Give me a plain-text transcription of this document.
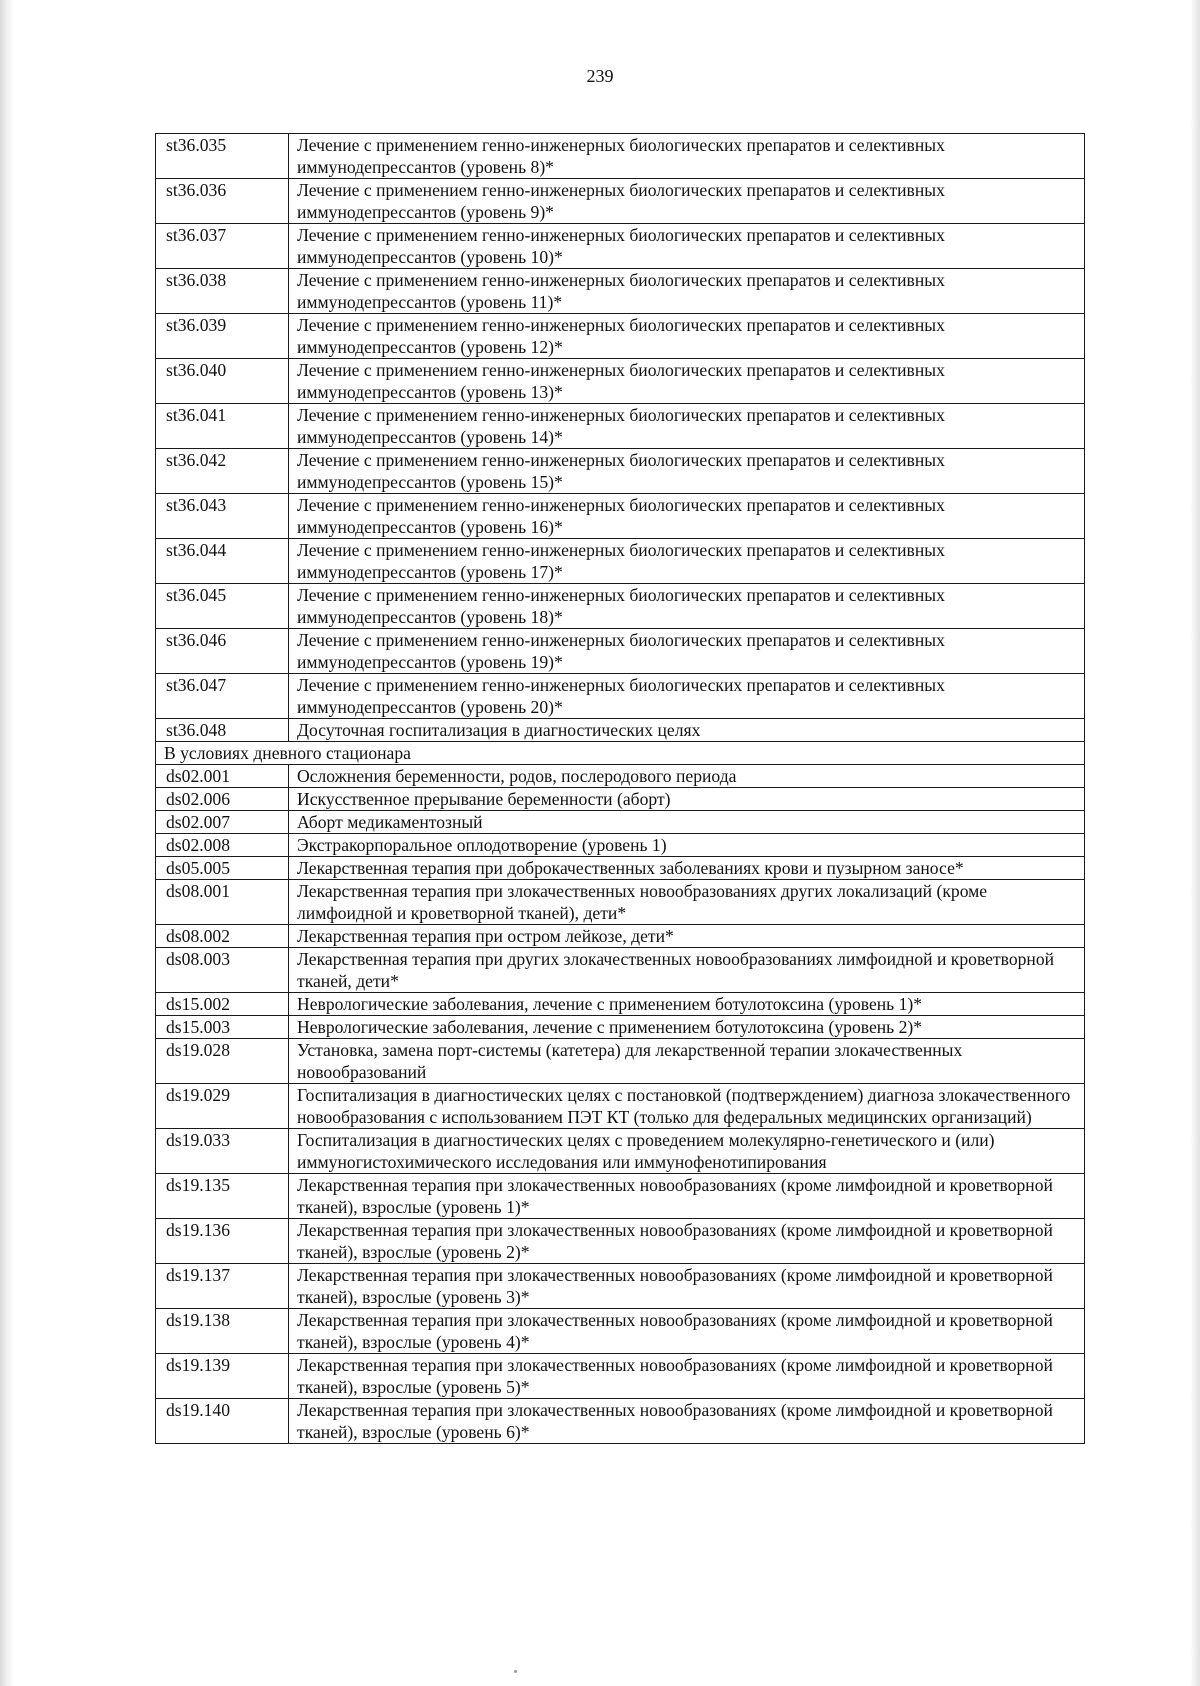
239
st36.035	Лечение с применением генно-инженерных биологических препаратов и селективных иммунодепрессантов (уровень 8)*
st36.036	Лечение с применением генно-инженерных биологических препаратов и селективных иммунодепрессантов (уровень 9)*
st36.037	Лечение с применением генно-инженерных биологических препаратов и селективных иммунодепрессантов (уровень 10)*
st36.038	Лечение с применением генно-инженерных биологических препаратов и селективных иммунодепрессантов (уровень 11)*
st36.039	Лечение с применением генно-инженерных биологических препаратов и селективных иммунодепрессантов (уровень 12)*
st36.040	Лечение с применением генно-инженерных биологических препаратов и селективных иммунодепрессантов (уровень 13)*
st36.041	Лечение с применением генно-инженерных биологических препаратов и селективных иммунодепрессантов (уровень 14)*
st36.042	Лечение с применением генно-инженерных биологических препаратов и селективных иммунодепрессантов (уровень 15)*
st36.043	Лечение с применением генно-инженерных биологических препаратов и селективных иммунодепрессантов (уровень 16)*
st36.044	Лечение с применением генно-инженерных биологических препаратов и селективных иммунодепрессантов (уровень 17)*
st36.045	Лечение с применением генно-инженерных биологических препаратов и селективных иммунодепрессантов (уровень 18)*
st36.046	Лечение с применением генно-инженерных биологических препаратов и селективных иммунодепрессантов (уровень 19)*
st36.047	Лечение с применением генно-инженерных биологических препаратов и селективных иммунодепрессантов (уровень 20)*
st36.048	Досуточная госпитализация в диагностических целях
В условиях дневного стационара	
ds02.001	Осложнения беременности, родов, послеродового периода
ds02.006	Искусственное прерывание беременности (аборт)
ds02.007	Аборт медикаментозный
ds02.008	Экстракорпоральное оплодотворение (уровень 1)
ds05.005	Лекарственная терапия при доброкачественных заболеваниях крови и пузырном заносе*
ds08.001	Лекарственная терапия при злокачественных новообразованиях других локализаций (кроме лимфоидной и кроветворной тканей), дети*
ds08.002	Лекарственная терапия при остром лейкозе, дети*
ds08.003	Лекарственная терапия при других злокачественных новообразованиях лимфоидной и кроветворной тканей, дети*
ds15.002	Неврологические заболевания, лечение с применением ботулотоксина (уровень 1)*
ds15.003	Неврологические заболевания, лечение с применением ботулотоксина (уровень 2)*
ds19.028	Установка, замена порт-системы (катетера) для лекарственной терапии злокачественных новообразований
ds19.029	Госпитализация в диагностических целях с постановкой (подтверждением) диагноза злокачественного новообразования с использованием ПЭТ КТ (только для федеральных медицинских организаций)
ds19.033	Госпитализация в диагностических целях с проведением молекулярно-генетического и (или) иммуногистохимического исследования или иммунофенотипирования
ds19.135	Лекарственная терапия при злокачественных новообразованиях (кроме лимфоидной и кроветворной тканей), взрослые (уровень 1)*
ds19.136	Лекарственная терапия при злокачественных новообразованиях (кроме лимфоидной и кроветворной тканей), взрослые (уровень 2)*
ds19.137	Лекарственная терапия при злокачественных новообразованиях (кроме лимфоидной и кроветворной тканей), взрослые (уровень 3)*
ds19.138	Лекарственная терапия при злокачественных новообразованиях (кроме лимфоидной и кроветворной тканей), взрослые (уровень 4)*
ds19.139	Лекарственная терапия при злокачественных новообразованиях (кроме лимфоидной и кроветворной тканей), взрослые (уровень 5)*
ds19.140	Лекарственная терапия при злокачественных новообразованиях (кроме лимфоидной и кроветворной тканей), взрослые (уровень 6)*
